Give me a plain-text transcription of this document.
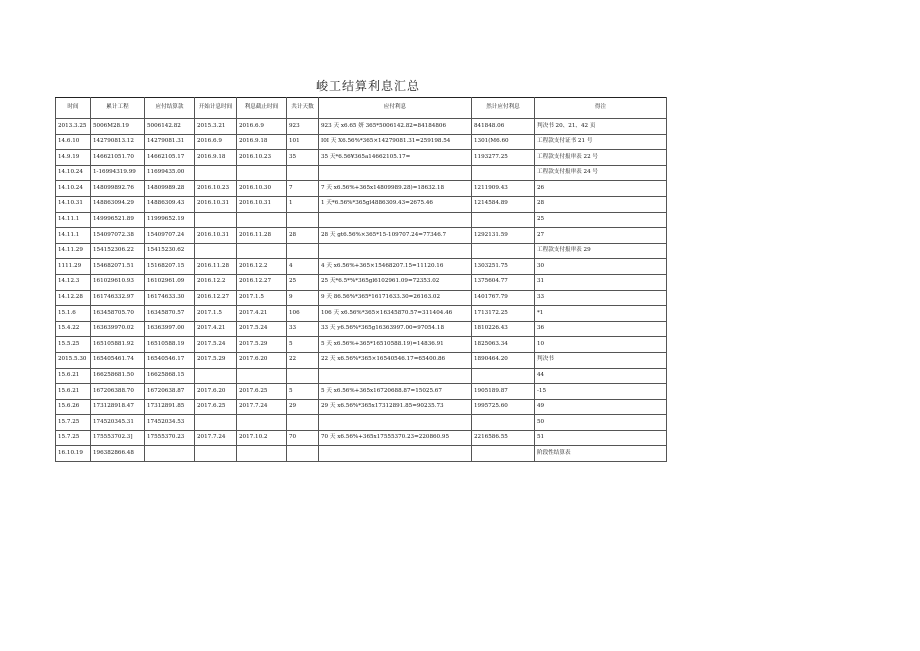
峻工结算利息汇总
时间	累计工程	应付结算款	开始计息时间	利息截止时间	共计天数	应付利息	然计应付利息	得注
2013.3.25	5006M28.19	5006142.82	2015.3.21	2016.6.9	923	923 天 x6.65 妍 365*5006142.82=84184806	841848.06	判决书 20、21、42 页
14.6.10	142790813.12	14279081.31	2016.6.9	2016.9.18	101	I0I 天 X6.56%*365×14279081.31=259198.54	1301(M6.60	工程款支付证书 21 号
14.9.19	146621051.70	14662105.17	2016.9.18	2016.10.23	35	35 天*6.56¥365a14662105.17=	1193277.25	工程款支付报审表 22 号
14.10.24	1-16994319.99	11699435.00						工程款支付报审表 24 号
14.10.24	148099892.76	14809989.28	2016.10.23	2016.10.30	7	7 天 x6.56%+365x14809989.28)=18632.18	1211909.43	26
14.10.31	148863094.29	14886309.43	2016.10.31	2016.10.31	1	1 天*6.56%*365gl4886309.43=2675.46	1214584.89	28
14.11.1	149996521.89	11999652.19						25
14.11.1	154097072.38	15409707.24	2016.10.31	2016.11.28	28	28 天 gt6.56%×365*15-109707.24=77346.7	1292131.59	27
14.11.29	154152306.22	15415230.62						工程款支付报审表 29
1111.29	154682071.51	15168207.15	2016.11.28	2016.12.2	4	4 天 x6.56%+365×15468207.15=11120.16	1303251.75	30
14.12.3	161029610.93	16102961.09	2016.12.2	2016.12.27	25	25 天*6.5*%*365gl6102961.09=72353.02	1375604.77	31
14.12.28	161746332.97	16174633.30	2016.12.27	2017.1.5	9	9 天 86.56%*365*16171633.30=26163.02	1401767.79	33
15.1.6	163458705.70	16345870.57	2017.1.5	2017.4.21	106	106 天 x6.56%*365×16345870.57=311404.46	1713172.25	*1
15.4.22	163639970.02	16363997.00	2017.4.21	2017.5.24	33	33 天 y6.56%*365g16363997.00=97054.18	1810226.43	36
15.5.25	165105881.92	16510588.19	2017.5.24	2017.5.29	5	5 天 x6.56%+365*16510588.19)=14836.91	1825063.34	10
2015.5.30	165405461.74	16540546.17	2017.5.29	2017.6.20	22	22 天 x6.56%*365×16540546.17=65400.86	1890464.20	判决书
15.6.21	166258681.50	16625868.15						44
15.6.21	167206388.70	16720638.87	2017.6.20	2017.6.25	5	5 天 x6.56%+365x16720688.87=15025.67	1905189.87	-15
15.6.26	173128918.47	17312891.85	2017.6.25	2017.7.24	29	29 天 x6.56%*365x17312891.85=90235.73	1995725.60	49
15.7.25	174520345.31	17452034.53						50
15.7.25	175553702.3]	17555370.23	2017.7.24	2017.10.2	70	70 天 x6.56%+365x17555370.23=220860.95	2216586.55	51
16.10.19	196382866.48							阶段性结算表
